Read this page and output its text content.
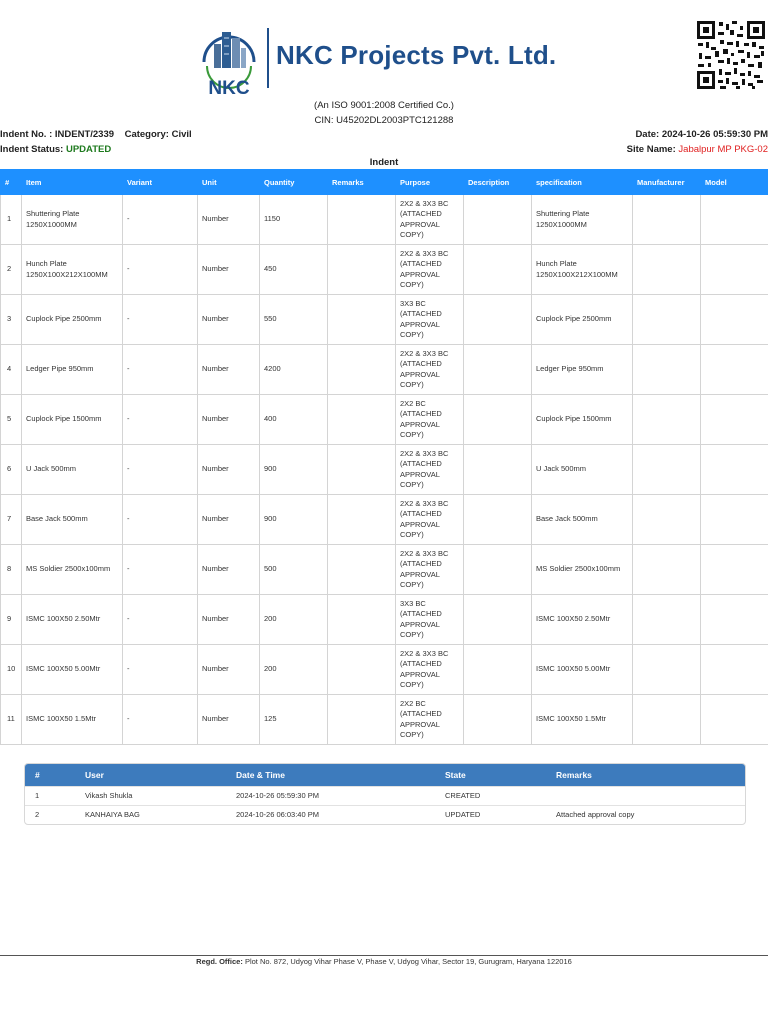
NKC
NKC Projects Pvt. Ltd.
(An ISO 9001:2008 Certified Co.)
CIN: U45202DL2003PTC121288
Indent No. : INDENT/2339 Category: Civil	Date: 2024-10-26 05:59:30 PM
Indent Status: UPDATED	Site Name: Jabalpur MP PKG-02
Indent
#	Item	Variant	Unit	Quantity	Remarks	Purpose	Description	specification	Manufacturer	Model
1	Shuttering Plate 1250X1000MM	-	Number	1150		2X2 & 3X3 BC (ATTACHED APPROVAL COPY)		Shuttering Plate 1250X1000MM		
2	Hunch Plate 1250X100X212X100MM	-	Number	450		2X2 & 3X3 BC (ATTACHED APPROVAL COPY)		Hunch Plate 1250X100X212X100MM		
3	Cuplock Pipe 2500mm	-	Number	550		3X3 BC (ATTACHED APPROVAL COPY)		Cuplock Pipe 2500mm		
4	Ledger Pipe 950mm	-	Number	4200		2X2 & 3X3 BC (ATTACHED APPROVAL COPY)		Ledger Pipe 950mm		
5	Cuplock Pipe 1500mm	-	Number	400		2X2 BC (ATTACHED APPROVAL COPY)		Cuplock Pipe 1500mm		
6	U Jack 500mm	-	Number	900		2X2 & 3X3 BC (ATTACHED APPROVAL COPY)		U Jack 500mm		
7	Base Jack 500mm	-	Number	900		2X2 & 3X3 BC (ATTACHED APPROVAL COPY)		Base Jack 500mm		
8	MS Soldier 2500x100mm	-	Number	500		2X2 & 3X3 BC (ATTACHED APPROVAL COPY)		MS Soldier 2500x100mm		
9	ISMC 100X50 2.50Mtr	-	Number	200		3X3 BC (ATTACHED APPROVAL COPY)		ISMC 100X50 2.50Mtr		
10	ISMC 100X50 5.00Mtr	-	Number	200		2X2 & 3X3 BC (ATTACHED APPROVAL COPY)		ISMC 100X50 5.00Mtr		
11	ISMC 100X50 1.5Mtr	-	Number	125		2X2 BC (ATTACHED APPROVAL COPY)		ISMC 100X50 1.5Mtr		
#	User	Date & Time	State	Remarks
1	Vikash Shukla	2024-10-26 05:59:30 PM	CREATED	
2	KANHAIYA BAG	2024-10-26 06:03:40 PM	UPDATED	Attached approval copy
Regd. Office: Plot No. 872, Udyog Vihar Phase V, Phase V, Udyog Vihar, Sector 19, Gurugram, Haryana 122016
